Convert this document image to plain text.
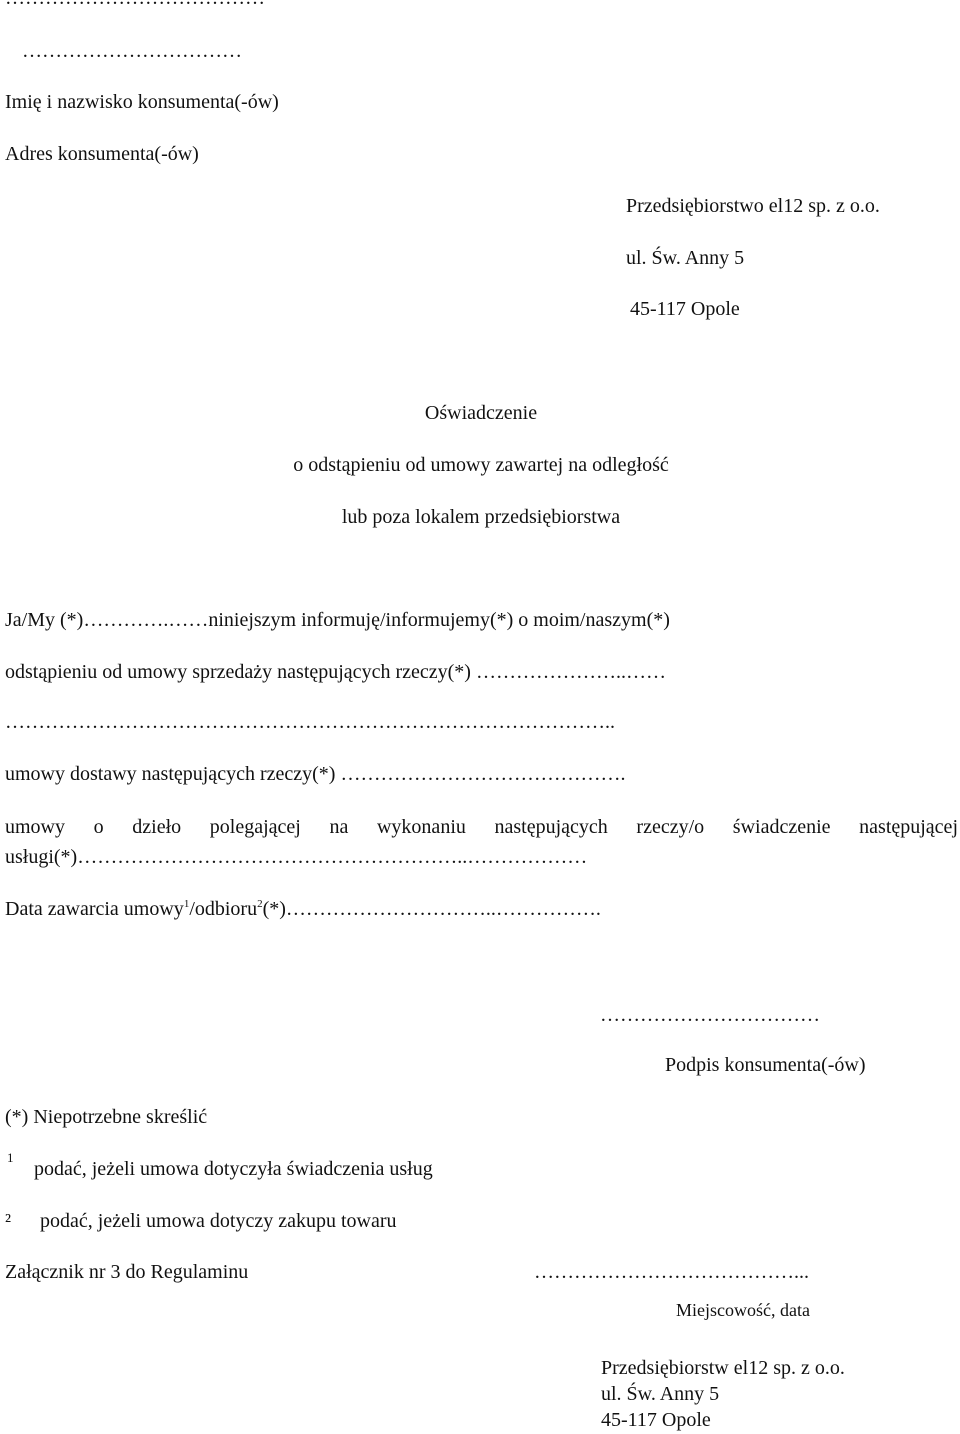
……………………………
Imię i nazwisko konsumenta(-ów)
Adres konsumenta(-ów)
Przedsiębiorstwo el12 sp. z o.o.
ul. Św. Anny 5
45-117 Opole
Oświadczenie
o odstąpieniu od umowy zawartej na odległość
lub poza lokalem przedsiębiorstwa
Ja/My (*)………….……niniejszym informuję/informujemy(*) o moim/naszym(*)
odstąpieniu od umowy sprzedaży następujących rzeczy(*) …………………..……
………………………………………………………………………………..
umowy dostawy następujących rzeczy(*) …………………………………….
umowy o dzieło polegającej na wykonaniu następujących rzeczy/o świadczenie następującej
usługi(*)…………………………………………………..………………
Data zawarcia umowy$^1$/odbioru$^2$(*)…………………………..…………….
……………………………
Podpis konsumenta(-ów)
(*) Niepotrzebne skreślić
1
podać, jeżeli umowa dotyczyła świadczenia usług
² podać, jeżeli umowa dotyczy zakupu towaru
Załącznik nr 3 do Regulaminu	…………………………………...
Miejscowość, data
Przedsiębiorstw el12 sp. z o.o.
ul. Św. Anny 5
45-117 Opole
